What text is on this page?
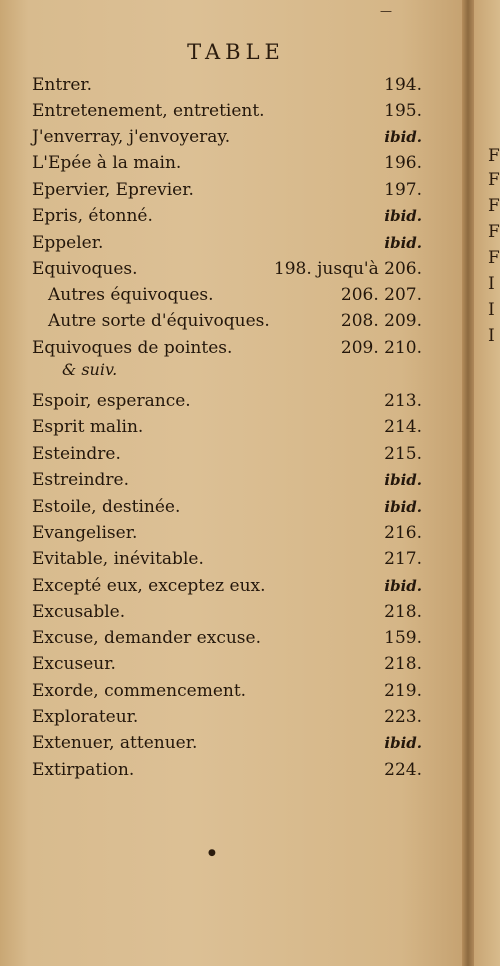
F
F
F
F
F
I
I
I
TABLE
Entrer.	194.
Entretenement, entretient.	195.
J'enverray, j'envoyeray.	ibid.
L'Epée à la main.	196.
Epervier, Eprevier.	197.
Epris, étonné.	ibid.
Eppeler.	ibid.
Equivoques.	198. jusqu'à 206.
Autres équivoques.	206. 207.
Autre sorte d'équivoques.	208. 209.
Equivoques de pointes.	209. 210.
Espoir, esperance.	213.
Esprit malin.	214.
Esteindre.	215.
Estreindre.	ibid.
Estoile, destinée.	ibid.
Evangeliser.	216.
Evitable, inévitable.	217.
Excepté eux, exceptez eux.	ibid.
Excusable.	218.
Excuse, demander excuse.	159.
Excuseur.	218.
Exorde, commencement.	219.
Explorateur.	223.
Extenuer, attenuer.	ibid.
Extirpation.	224.
& suiv.
—
●
